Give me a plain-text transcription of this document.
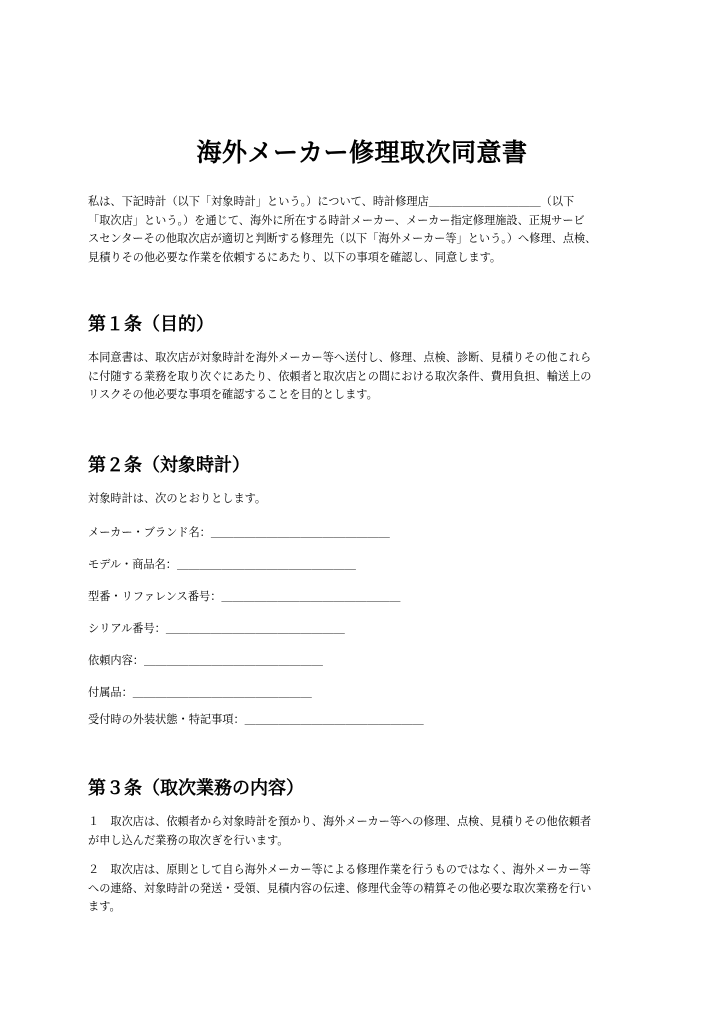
海外メーカー修理取次同意書

私は、下記時計（以下「対象時計」という。）について、時計修理店＿＿＿＿＿＿＿＿＿＿（以下
「取次店」という。）を通じて、海外に所在する時計メーカー、メーカー指定修理施設、正規サービ
スセンターその他取次店が適切と判断する修理先（以下「海外メーカー等」という。）へ修理、点検、
見積りその他必要な作業を依頼するにあたり、以下の事項を確認し、同意します。

第１条（目的）

本同意書は、取次店が対象時計を海外メーカー等へ送付し、修理、点検、診断、見積りその他これら
に付随する業務を取り次ぐにあたり、依頼者と取次店との間における取次条件、費用負担、輸送上の
リスクその他必要な事項を確認することを目的とします。

第２条（対象時計）

対象時計は、次のとおりとします。

メーカー・ブランド名：＿＿＿＿＿＿＿＿＿＿＿＿＿＿＿＿
モデル・商品名：＿＿＿＿＿＿＿＿＿＿＿＿＿＿＿＿
型番・リファレンス番号：＿＿＿＿＿＿＿＿＿＿＿＿＿＿＿＿
シリアル番号：＿＿＿＿＿＿＿＿＿＿＿＿＿＿＿＿
依頼内容：＿＿＿＿＿＿＿＿＿＿＿＿＿＿＿＿
付属品：＿＿＿＿＿＿＿＿＿＿＿＿＿＿＿＿
受付時の外装状態・特記事項：＿＿＿＿＿＿＿＿＿＿＿＿＿＿＿＿
第３条（取次業務の内容）

１　取次店は、依頼者から対象時計を預かり、海外メーカー等への修理、点検、見積りその他依頼者
が申し込んだ業務の取次ぎを行います。

２　取次店は、原則として自ら海外メーカー等による修理作業を行うものではなく、海外メーカー等
への連絡、対象時計の発送・受領、見積内容の伝達、修理代金等の精算その他必要な取次業務を行い
ます。
